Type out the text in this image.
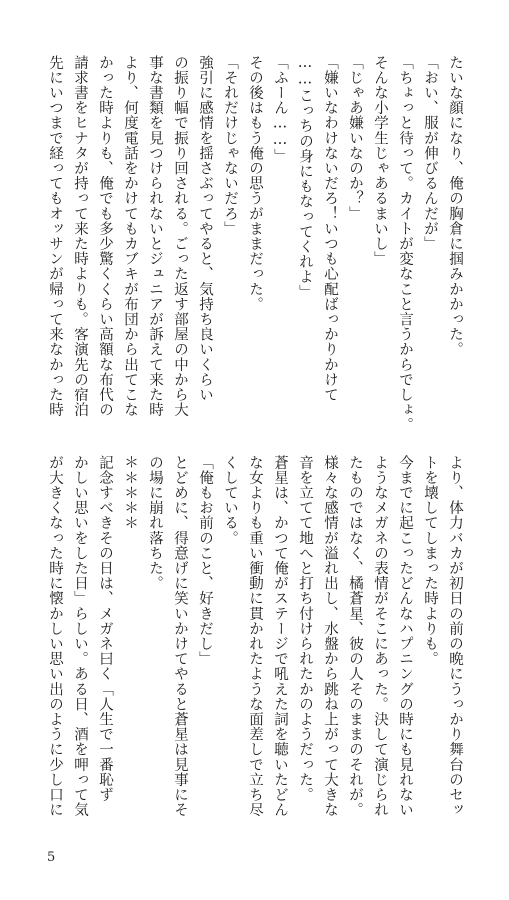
たいな顔になり、俺の胸倉に掴みかかった。
「おい、服が伸びるんだが」
「ちょっと待って。カイトが変なこと言うからでしょ。
そんな小学生じゃあるまいし」
「じゃあ嫌いなのか？」
「嫌いなわけないだろ！いつも心配ばっかりかけて
……こっちの身にもなってくれよ」
「ふーん……」
その後はもう俺の思うがままだった。
「それだけじゃないだろ」
強引に感情を揺さぶってやると、気持ち良いくらい
の振り幅で振り回される。ごった返す部屋の中から大
事な書類を見つけられないとジュニアが訴えて来た時
より、何度電話をかけてもカブキが布団から出てこな
かった時よりも、俺でも多少驚くくらい高額な布代の
請求書をヒナタが持って来た時よりも。客演先の宿泊
先にいつまで経ってもオッサンが帰って来なかった時
より、体力バカが初日の前の晩にうっかり舞台のセッ
トを壊してしまった時よりも。
今までに起こったどんなハプニングの時にも見れない
ようなメガネの表情がそこにあった。決して演じられ
たものではなく、橘蒼星、彼の人そのままのそれが。
様々な感情が溢れ出し、水盤から跳ね上がって大きな
音を立てて地へと打ち付けられたかのようだった。
蒼星は、かつて俺がステージで吼えた詞を聴いたどん
な女よりも重い衝動に貫かれたような面差しで立ち尽
くしている。
「俺もお前のこと、好きだし」
とどめに、得意げに笑いかけてやると蒼星は見事にそ
の場に崩れ落ちた。
＊＊＊＊＊
記念すべきその日は、メガネ曰く「人生で一番恥ず
かしい思いをした日」らしい。ある日、酒を呷って気
が大きくなった時に懐かしい思い出のように少し口に
5
